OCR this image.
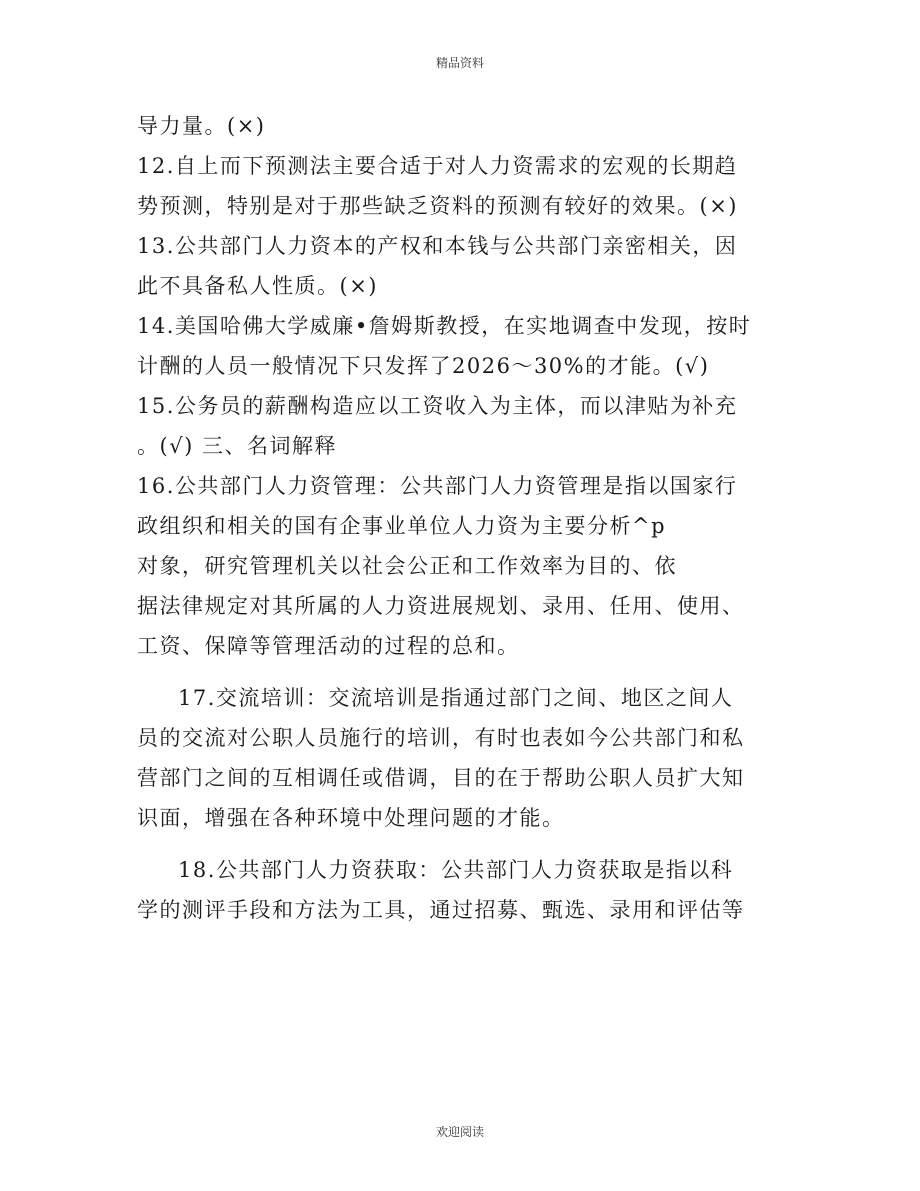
精品资料
导力量。(×)
12.自上而下预测法主要合适于对人力资需求的宏观的长期趋
势预测，特别是对于那些缺乏资料的预测有较好的效果。(×)
13.公共部门人力资本的产权和本钱与公共部门亲密相关，因
此不具备私人性质。(×)
14.美国哈佛大学威廉•詹姆斯教授，在实地调查中发现，按时
计酬的人员一般情况下只发挥了2026～30%的才能。(√)
15.公务员的薪酬构造应以工资收入为主体，而以津贴为补充
。(√) 三、名词解释
16.公共部门人力资管理：公共部门人力资管理是指以国家行
政组织和相关的国有企事业单位人力资为主要分析^p
对象，研究管理机关以社会公正和工作效率为目的、依
据法律规定对其所属的人力资进展规划、录用、任用、使用、
工资、保障等管理活动的过程的总和。
17.交流培训：交流培训是指通过部门之间、地区之间人
员的交流对公职人员施行的培训，有时也表如今公共部门和私
营部门之间的互相调任或借调，目的在于帮助公职人员扩大知
识面，增强在各种环境中处理问题的才能。
18.公共部门人力资获取：公共部门人力资获取是指以科
学的测评手段和方法为工具，通过招募、甄选、录用和评估等
欢迎阅读
